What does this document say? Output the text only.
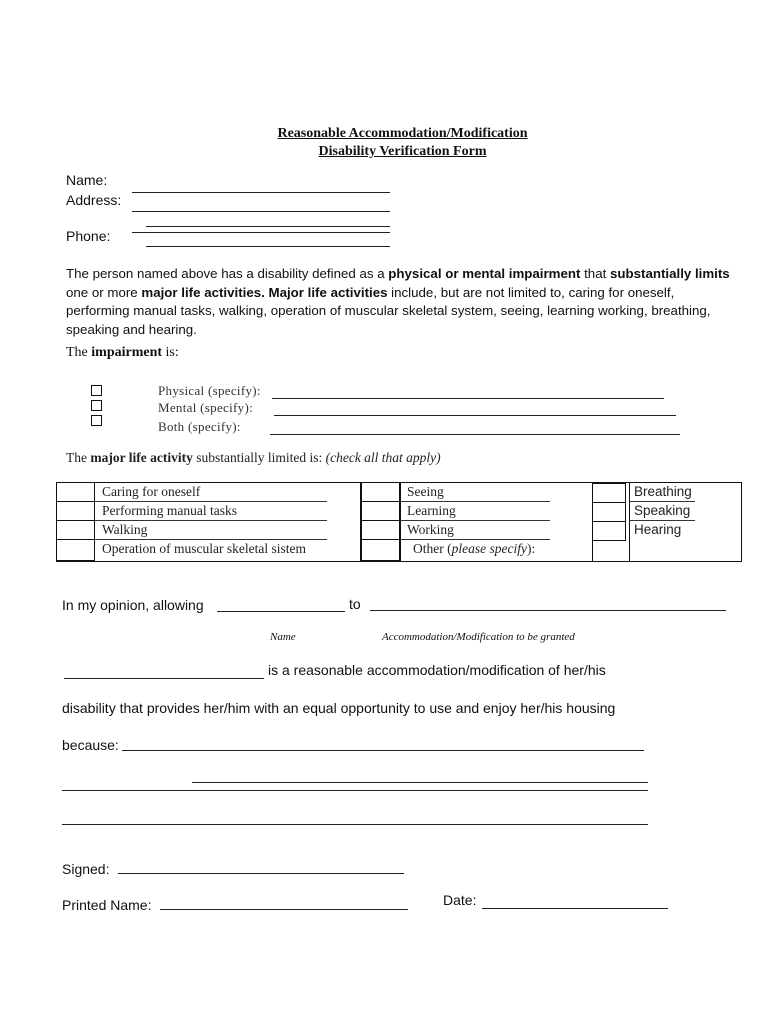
Reasonable Accommodation/Modification
Disability Verification Form
Name:
Address:
Phone:
The person named above has a disability defined as a physical or mental impairment that substantially limits one or more major life activities. Major life activities include, but are not limited to, caring for oneself, performing manual tasks, walking, operation of muscular skeletal system, seeing, learning working, breathing, speaking and hearing.
The impairment is:
Physical (specify):
Mental (specify):
Both (specify):
The major life activity substantially limited is: (check all that apply)
Caring for oneself
Performing manual tasks
Walking
Operation of muscular skeletal sistem
Seeing
Learning
Working
Other (please specify):
Breathing
Speaking
Hearing
In my opinion, allowing	to
Name	Accommodation/Modification to be granted
is a reasonable accommodation/modification of her/his
disability that provides her/him with an equal opportunity to use and enjoy her/his housing
because:
Signed:
Printed Name:	Date:
